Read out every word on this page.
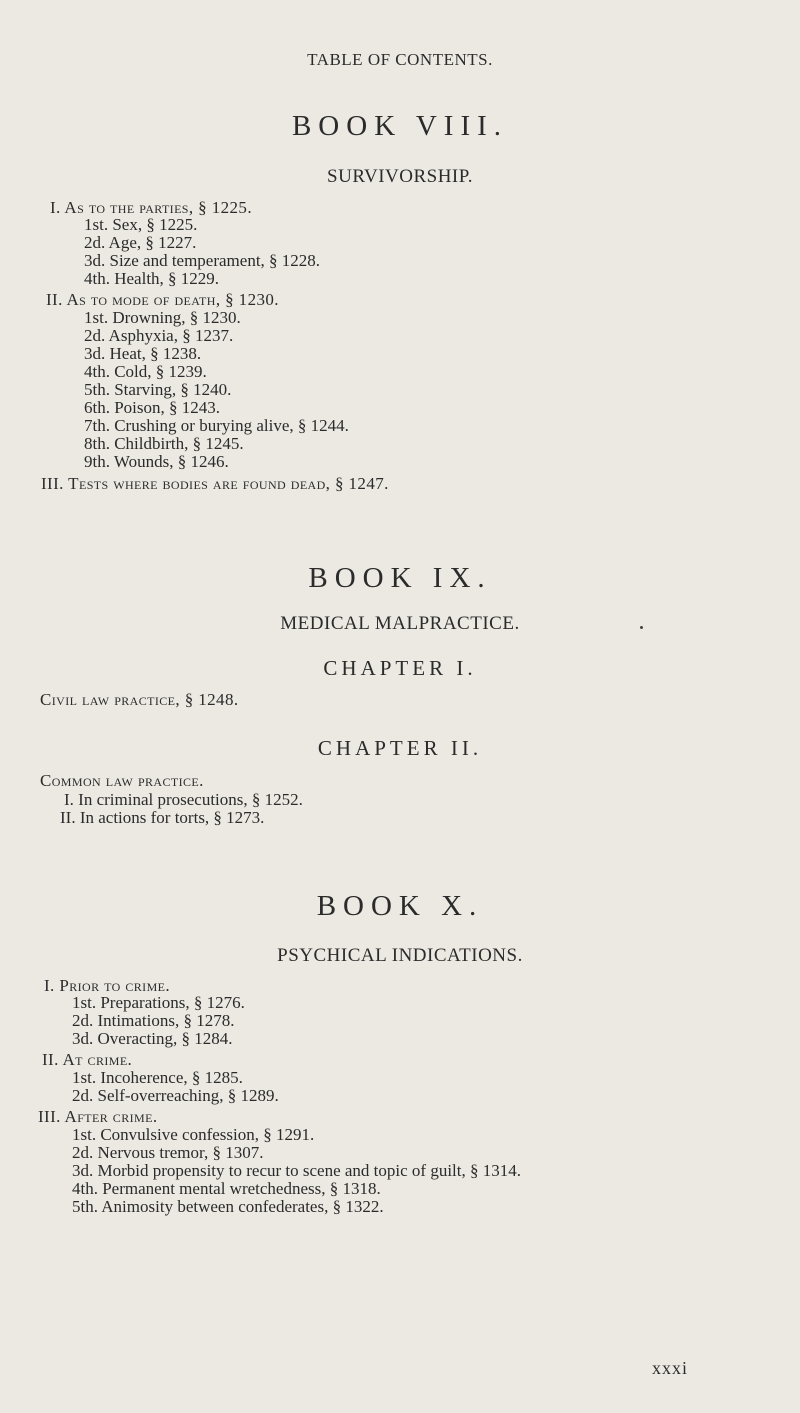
TABLE OF CONTENTS.
BOOK VIII.
SURVIVORSHIP.
I. As to the parties, § 1225.
1st. Sex, § 1225.
2d. Age, § 1227.
3d. Size and temperament, § 1228.
4th. Health, § 1229.
II. As to mode of death, § 1230.
1st. Drowning, § 1230.
2d. Asphyxia, § 1237.
3d. Heat, § 1238.
4th. Cold, § 1239.
5th. Starving, § 1240.
6th. Poison, § 1243.
7th. Crushing or burying alive, § 1244.
8th. Childbirth, § 1245.
9th. Wounds, § 1246.
III. Tests where bodies are found dead, § 1247.
BOOK IX.
MEDICAL MALPRACTICE.
CHAPTER I.
Civil law practice, § 1248.
CHAPTER II.
Common law practice.
I. In criminal prosecutions, § 1252.
II. In actions for torts, § 1273.
BOOK X.
PSYCHICAL INDICATIONS.
I. Prior to crime.
1st. Preparations, § 1276.
2d. Intimations, § 1278.
3d. Overacting, § 1284.
II. At crime.
1st. Incoherence, § 1285.
2d. Self-overreaching, § 1289.
III. After crime.
1st. Convulsive confession, § 1291.
2d. Nervous tremor, § 1307.
3d. Morbid propensity to recur to scene and topic of guilt, § 1314.
4th. Permanent mental wretchedness, § 1318.
5th. Animosity between confederates, § 1322.
xxxi
